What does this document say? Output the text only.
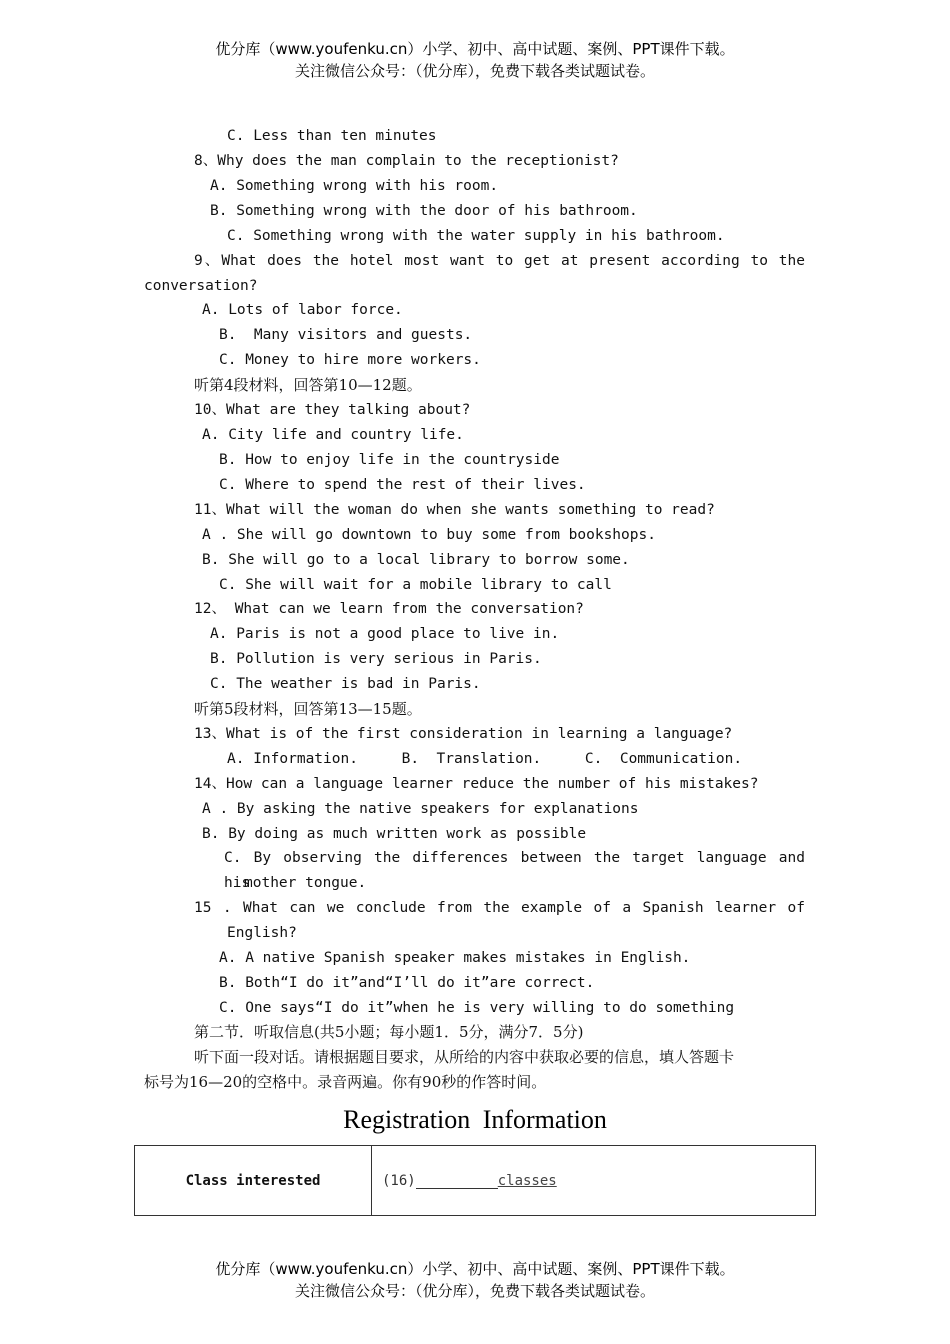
优分库（www.youfenku.cn）小学、初中、高中试题、案例、PPT课件下载。
关注微信公众号：（优分库），免费下载各类试题试卷。
C. Less than ten minutes
8、Why does the man complain to the receptionist?
A. Something wrong with his room.
B. Something wrong with the door of his bathroom.
C. Something wrong with the water supply in his bathroom.
9、What does the hotel most want to get at present according to the
conversation?
A. Lots of labor force.
B.  Many visitors and guests.
C. Money to hire more workers.
听第4段材料，回答第10—12题。
10、What are they talking about?
A. City life and country life.
B. How to enjoy life in the countryside
C. Where to spend the rest of their lives.
11、What will the woman do when she wants something to read?
A . She will go downtown to buy some from bookshops.
B. She will go to a local library to borrow some.
C. She will wait for a mobile library to call
12、 What can we learn from the conversation?
A. Paris is not a good place to live in.
B. Pollution is very serious in Paris.
C. The weather is bad in Paris.
听第5段材料，回答第13—15题。
13、What is of the first consideration in learning a language?
A. Information.     B.  Translation.     C.  Communication.
14、How can a language learner reduce the number of his mistakes?
A . By asking the native speakers for explanations
B. By doing as much written work as possible
C. By observing the differences between the target language and his
mother tongue.
15 . What can we conclude from the example of a Spanish learner of
English?
A. A native Spanish speaker makes mistakes in English.
B. Both“I do it”and“I’ll do it”are correct.
C. One says“I do it”when he is very willing to do something
第二节．听取信息(共5小题；每小题1．5分，满分7．5分)
听下面一段对话。请根据题目要求，从所给的内容中获取必要的信息，填人答题卡
标号为16—20的空格中。录音两遍。你有90秒的作答时间。
Registration Information
Class interested	(16)	classes
优分库（www.youfenku.cn）小学、初中、高中试题、案例、PPT课件下载。
关注微信公众号：（优分库），免费下载各类试题试卷。
